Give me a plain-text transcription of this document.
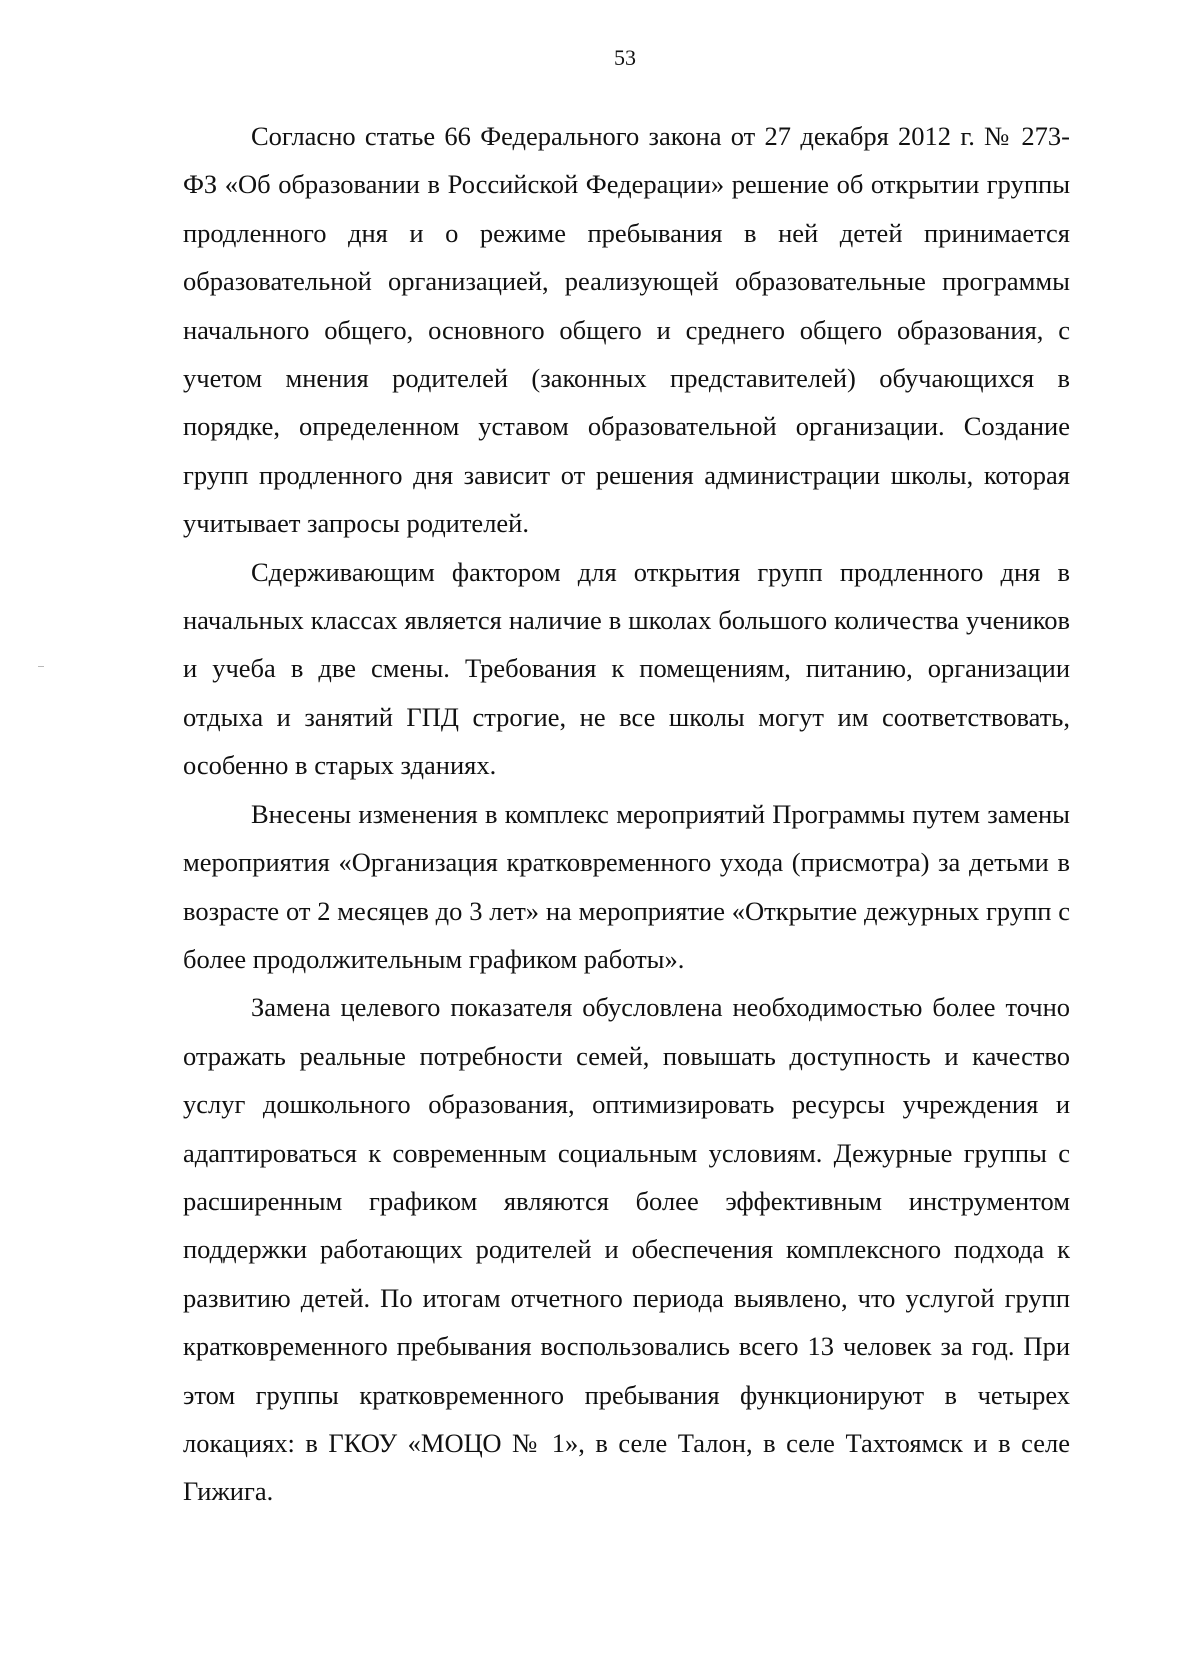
53

Согласно статье 66 Федерального закона от 27 декабря 2012 г. № 273-ФЗ «Об образовании в Российской Федерации» решение об открытии группы продленного дня и о режиме пребывания в ней детей принимается образовательной организацией, реализующей образовательные программы начального общего, основного общего и среднего общего образования, с учетом мнения родителей (законных представителей) обучающихся в порядке, определенном уставом образовательной организации. Создание групп продленного дня зависит от решения администрации школы, которая учитывает запросы родителей.

Сдерживающим фактором для открытия групп продленного дня в начальных классах является наличие в школах большого количества учеников и учеба в две смены. Требования к помещениям, питанию, организации отдыха и занятий ГПД строгие, не все школы могут им соответствовать, особенно в старых зданиях.

Внесены изменения в комплекс мероприятий Программы путем замены мероприятия «Организация кратковременного ухода (присмотра) за детьми в возрасте от 2 месяцев до 3 лет» на мероприятие «Открытие дежурных групп с более продолжительным графиком работы».

Замена целевого показателя обусловлена необходимостью более точно отражать реальные потребности семей, повышать доступность и качество услуг дошкольного образования, оптимизировать ресурсы учреждения и адаптироваться к современным социальным условиям. Дежурные группы с расширенным графиком являются более эффективным инструментом поддержки работающих родителей и обеспечения комплексного подхода к развитию детей. По итогам отчетного периода выявлено, что услугой групп кратковременного пребывания воспользовались всего 13 человек за год. При этом группы кратковременного пребывания функционируют в четырех локациях: в ГКОУ «МОЦО № 1», в селе Талон, в селе Тахтоямск и в селе Гижига.
